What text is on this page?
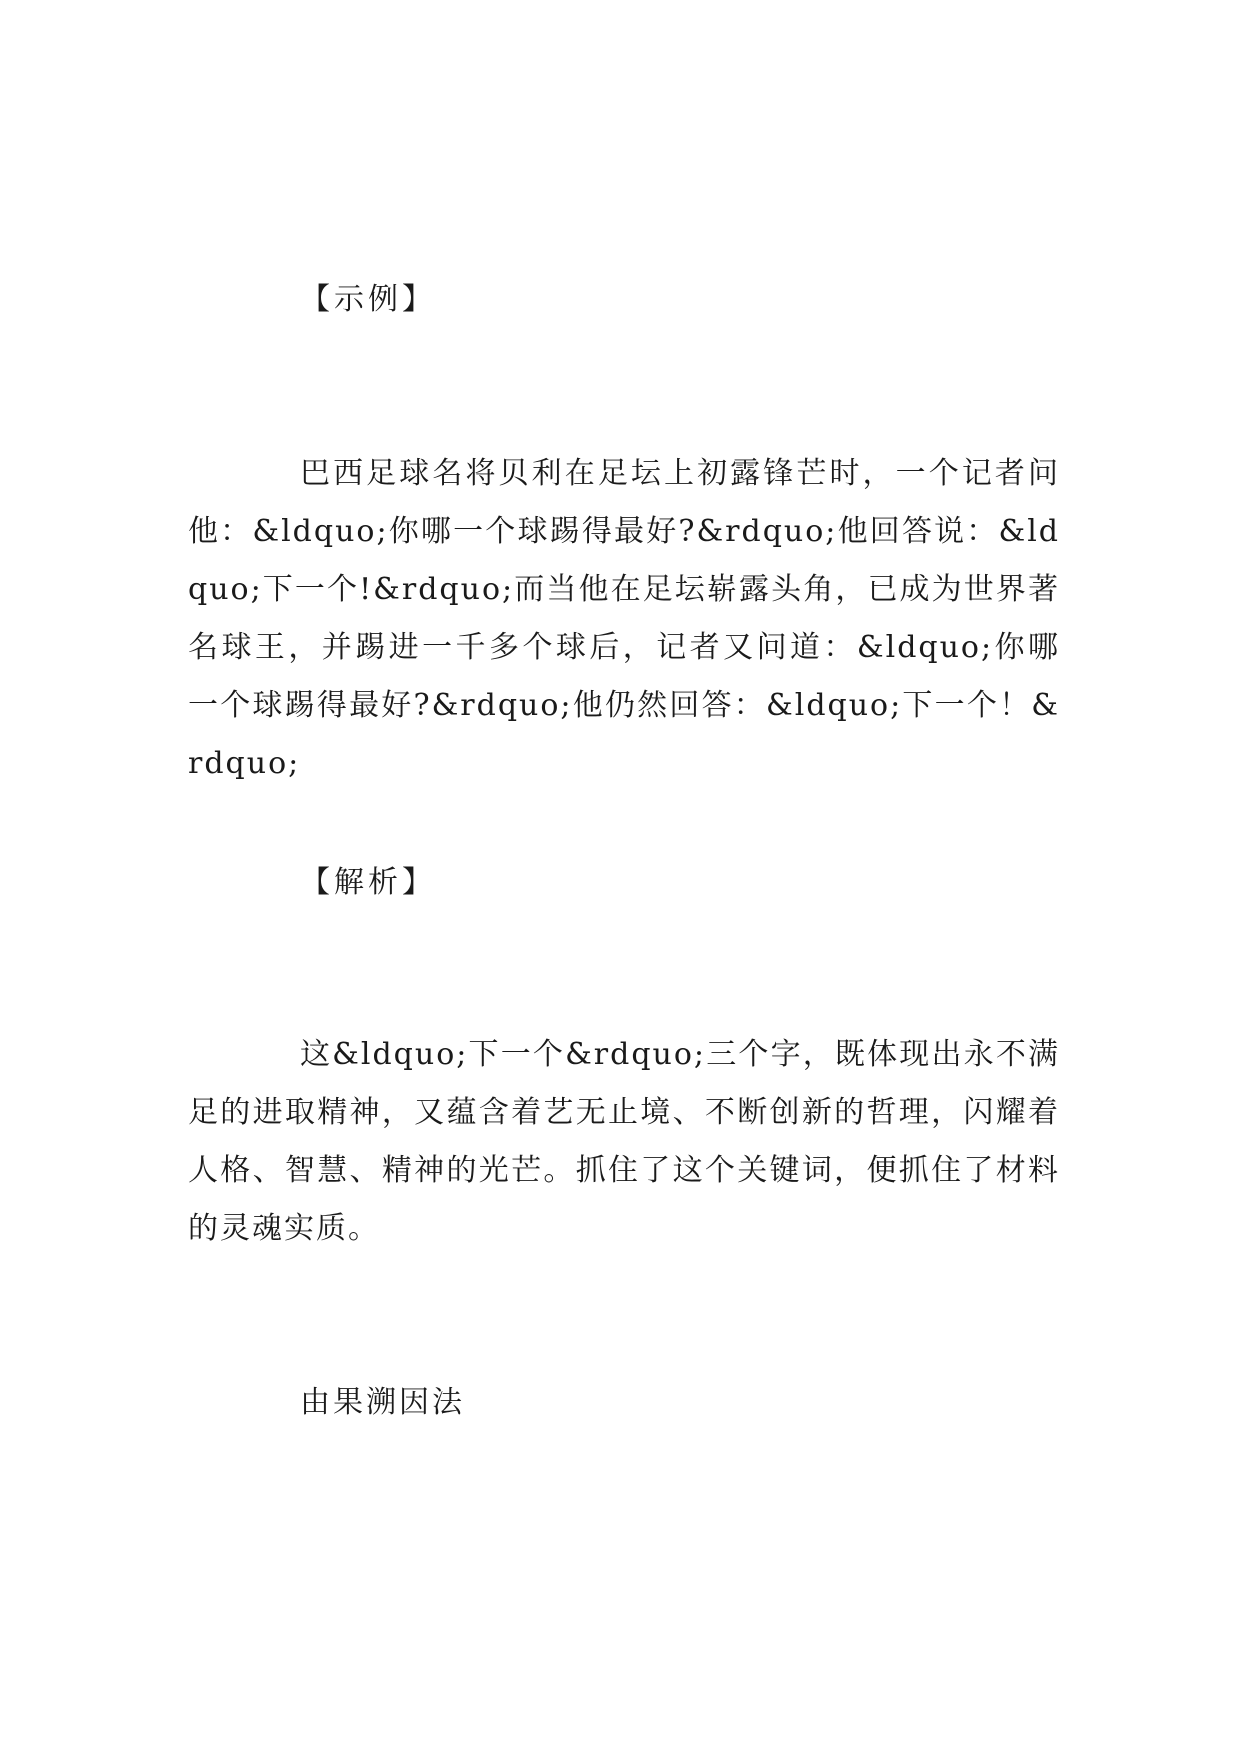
【示例】
巴西足球名将贝利在足坛上初露锋芒时，一个记者问他：&ldquo;你哪一个球踢得最好?&rdquo;他回答说：&ldquo;下一个!&rdquo;而当他在足坛崭露头角，已成为世界著名球王，并踢进一千多个球后，记者又问道：&ldquo;你哪一个球踢得最好?&rdquo;他仍然回答：&ldquo;下一个！&rdquo;
【解析】
这&ldquo;下一个&rdquo;三个字，既体现出永不满足的进取精神，又蕴含着艺无止境、不断创新的哲理，闪耀着人格、智慧、精神的光芒。抓住了这个关键词，便抓住了材料的灵魂实质。
由果溯因法
